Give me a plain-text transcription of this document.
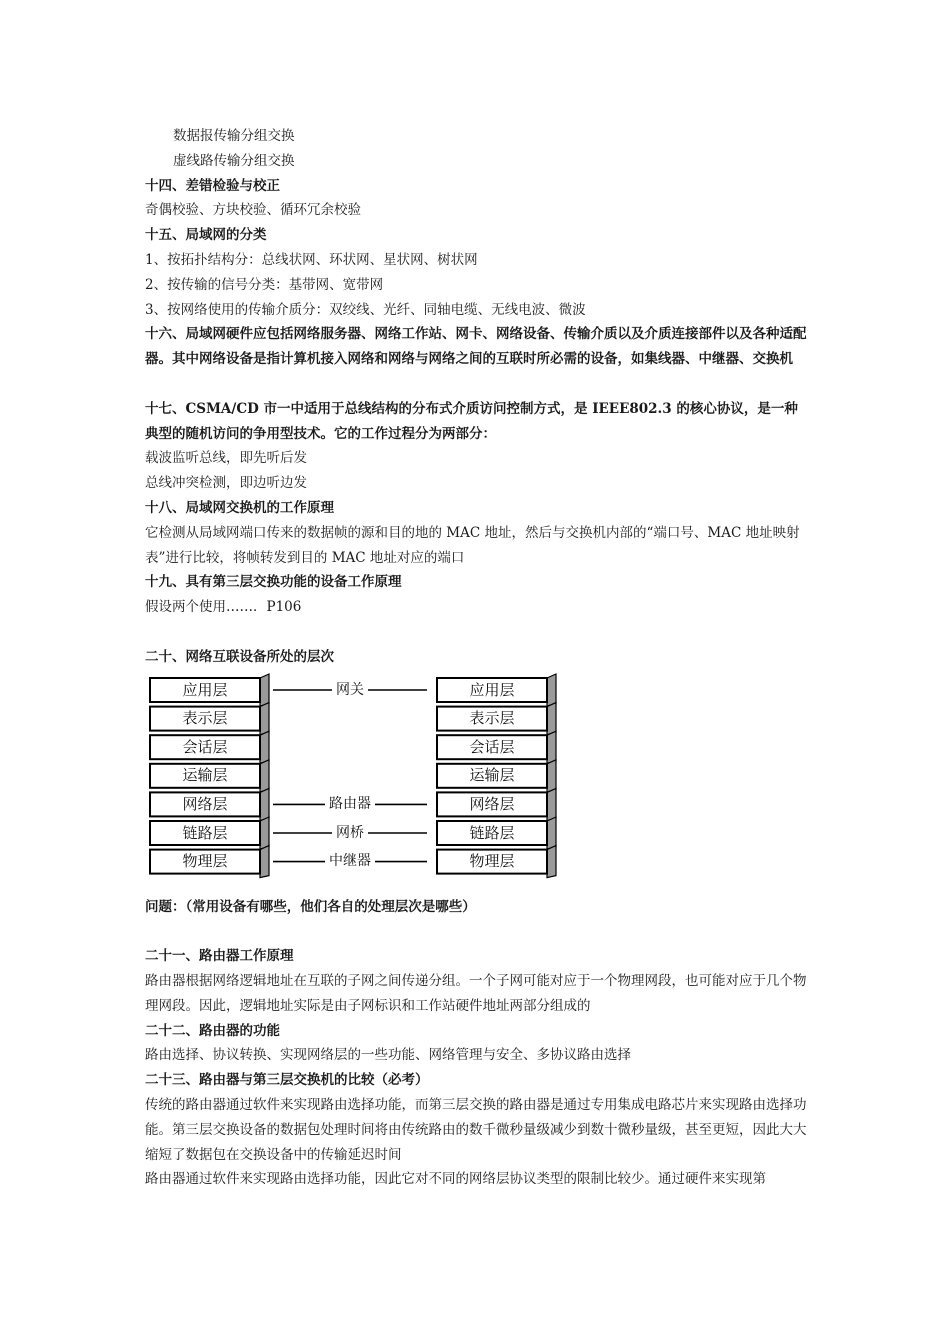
数据报传输分组交换
虚线路传输分组交换
十四、差错检验与校正
奇偶校验、方块校验、循环冗余校验
十五、局域网的分类
1、按拓扑结构分：总线状网、环状网、星状网、树状网
2、按传输的信号分类：基带网、宽带网
3、按网络使用的传输介质分：双绞线、光纤、同轴电缆、无线电波、微波
十六、局域网硬件应包括网络服务器、网络工作站、网卡、网络设备、传输介质以及介质连接部件以及各种适配器。其中网络设备是指计算机接入网络和网络与网络之间的互联时所必需的设备，如集线器、中继器、交换机
十七、CSMA/CD 市一中适用于总线结构的分布式介质访问控制方式，是 IEEE802.3 的核心协议，是一种典型的随机访问的争用型技术。它的工作过程分为两部分：
载波监听总线，即先听后发
总线冲突检测，即边听边发
十八、局域网交换机的工作原理
它检测从局域网端口传来的数据帧的源和目的地的 MAC 地址，然后与交换机内部的“端口号、MAC 地址映射表”进行比较，将帧转发到目的 MAC 地址对应的端口
十九、具有第三层交换功能的设备工作原理
假设两个使用……．P106
二十、网络互联设备所处的层次
应用层
表示层
会话层
运输层
网络层
链路层
物理层
应用层
表示层
会话层
运输层
网络层
链路层
物理层
网关
路由器
网桥
中继器
问题：（常用设备有哪些，他们各自的处理层次是哪些）
二十一、路由器工作原理
路由器根据网络逻辑地址在互联的子网之间传递分组。一个子网可能对应于一个物理网段，也可能对应于几个物理网段。因此，逻辑地址实际是由子网标识和工作站硬件地址两部分组成的
二十二、路由器的功能
路由选择、协议转换、实现网络层的一些功能、网络管理与安全、多协议路由选择
二十三、路由器与第三层交换机的比较（必考）
传统的路由器通过软件来实现路由选择功能，而第三层交换的路由器是通过专用集成电路芯片来实现路由选择功能。第三层交换设备的数据包处理时间将由传统路由的数千微秒量级减少到数十微秒量级，甚至更短，因此大大缩短了数据包在交换设备中的传输延迟时间
路由器通过软件来实现路由选择功能，因此它对不同的网络层协议类型的限制比较少。通过硬件来实现第
